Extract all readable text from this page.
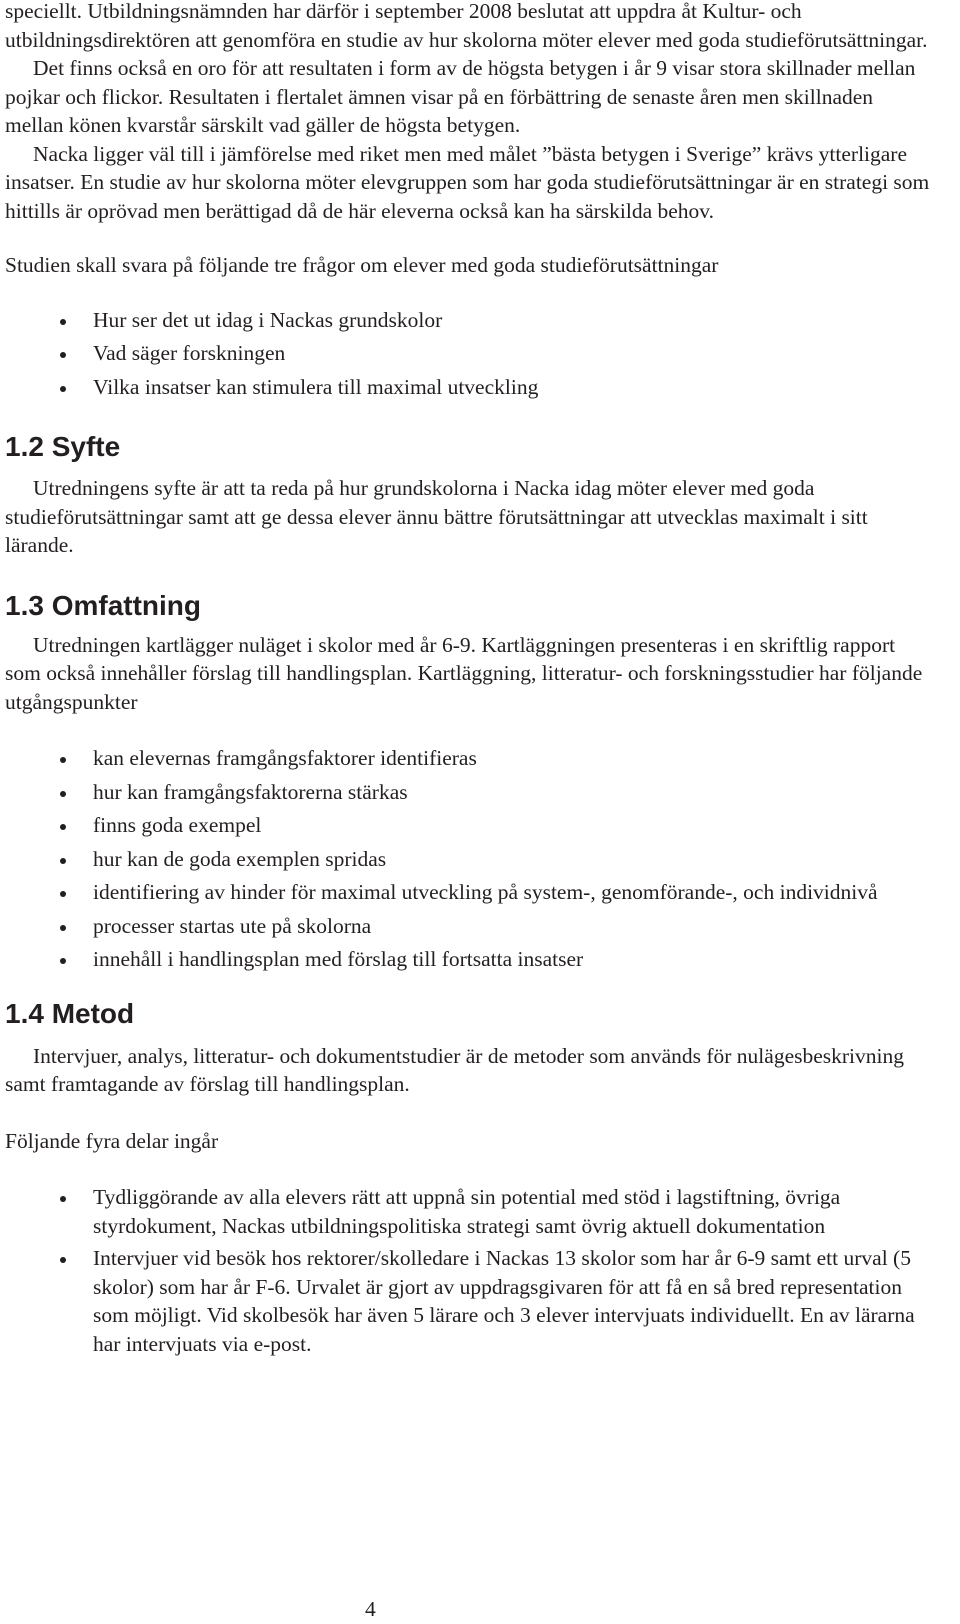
speciellt. Utbildningsnämnden har därför i september 2008 beslutat att uppdra åt Kultur- och utbildningsdirektören att genomföra en studie av hur skolorna möter elever med goda studieförutsättningar.

Det finns också en oro för att resultaten i form av de högsta betygen i år 9 visar stora skillnader mellan pojkar och flickor. Resultaten i flertalet ämnen visar på en förbättring de senaste åren men skillnaden mellan könen kvarstår särskilt vad gäller de högsta betygen.

Nacka ligger väl till i jämförelse med riket men med målet ”bästa betygen i Sverige” krävs ytterligare insatser. En studie av hur skolorna möter elevgruppen som har goda studieförutsättningar är en strategi som hittills är oprövad men berättigad då de här eleverna också kan ha särskilda behov.

Studien skall svara på följande tre frågor om elever med goda studieförutsättningar

Hur ser det ut idag i Nackas grundskolor
Vad säger forskningen
Vilka insatser kan stimulera till maximal utveckling
1.2 Syfte

Utredningens syfte är att ta reda på hur grundskolorna i Nacka idag möter elever med goda studieförutsättningar samt att ge dessa elever ännu bättre förutsättningar att utvecklas maximalt i sitt lärande.

1.3 Omfattning

Utredningen kartlägger nuläget i skolor med år 6-9. Kartläggningen presenteras i en skriftlig rapport som också innehåller förslag till handlingsplan. Kartläggning, litteratur- och forskningsstudier har följande utgångspunkter

kan elevernas framgångsfaktorer identifieras
hur kan framgångsfaktorerna stärkas
finns goda exempel
hur kan de goda exemplen spridas
identifiering av hinder för maximal utveckling på system-, genomförande-, och individnivå
processer startas ute på skolorna
innehåll i handlingsplan med förslag till fortsatta insatser
1.4 Metod

Intervjuer, analys, litteratur- och dokumentstudier är de metoder som används för nulägesbeskrivning samt framtagande av förslag till handlingsplan.

Följande fyra delar ingår

Tydliggörande av alla elevers rätt att uppnå sin potential med stöd i lagstiftning, övriga styrdokument, Nackas utbildningspolitiska strategi samt övrig aktuell dokumentation
Intervjuer vid besök hos rektorer/skolledare i Nackas 13 skolor som har år 6-9 samt ett urval (5 skolor) som har år F-6. Urvalet är gjort av uppdragsgivaren för att få en så bred representation som möjligt. Vid skolbesök har även 5 lärare och 3 elever intervjuats individuellt. En av lärarna har intervjuats via e-post.
4
